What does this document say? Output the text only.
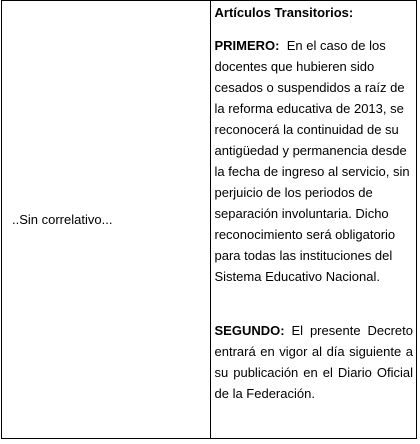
..Sin correlativo...	

Artículos Transitorios:

PRIMERO: En el caso de los docentes que hubieren sido cesados o suspendidos a raíz de la reforma educativa de 2013, se reconocerá la continuidad de su antigüedad y permanencia desde la fecha de ingreso al servicio, sin perjuicio de los periodos de separación involuntaria. Dicho reconocimiento será obligatorio para todas las instituciones del Sistema Educativo Nacional.

SEGUNDO: El presente Decreto entrará en vigor al día siguiente a su publicación en el Diario Oficial de la Federación.
